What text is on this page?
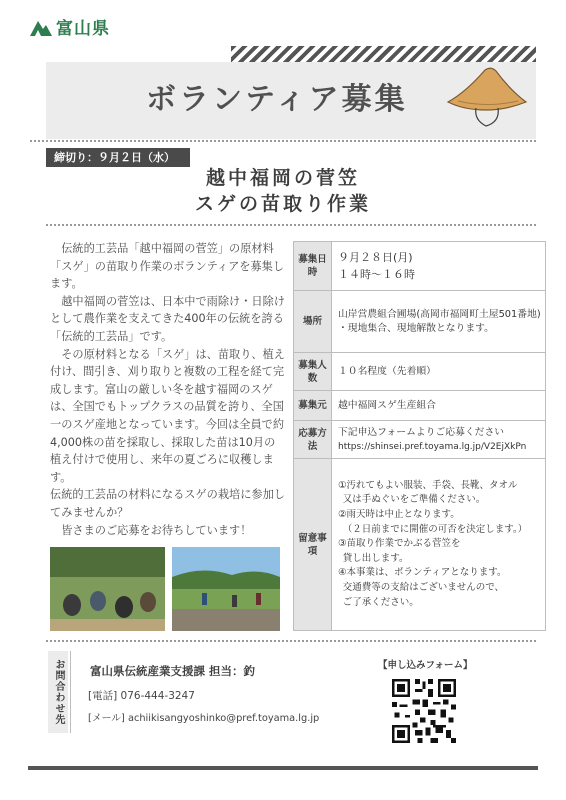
富山県
ボランティア募集
締切り：９月２日（水）
越中福岡の菅笠
スゲの苗取り作業

伝統的工芸品「越中福岡の菅笠」の原材料「スゲ」の苗取り作業のボランティアを募集します。

越中福岡の菅笠は、日本中で雨除け・日除けとして農作業を支えてきた400年の伝統を誇る「伝統的工芸品」です。

その原材料となる「スゲ」は、苗取り、植え付け、間引き、刈り取りと複数の工程を経て完成します。富山の厳しい冬を越す福岡のスゲは、全国でもトップクラスの品質を誇り、全国一のスゲ産地となっています。今回は全員で約4,000株の苗を採取し、採取した苗は10月の植え付けで使用し、来年の夏ごろに収穫します。

伝統的工芸品の材料になるスゲの栽培に参加してみませんか？

皆さまのご応募をお待ちしています！

募集日時
９月２８日(月)
１４時～１６時
場所
山岸営農組合圃場(高岡市福岡町土屋501番地)
・現地集合、現地解散となります。
募集人数
１０名程度（先着順）
募集元	越中福岡スゲ生産組合
応募方法
下記申込フォームよりご応募ください
https://shinsei.pref.toyama.lg.jp/V2EjXkPn
留意事項
①汚れてもよい服装、手袋、長靴、タオル
又は手ぬぐいをご準備ください。
②雨天時は中止となります。
（２日前までに開催の可否を決定します。）
③苗取り作業でかぶる菅笠を
貸し出します。
④本事業は、ボランティアとなります。
交通費等の支給はございませんので、
ご了承ください。
お問合わせ先	富山県伝統産業支援課 担当：釣
[電話] 076-444-3247
[メール] achiikisangyoshinko@pref.toyama.lg.jp
【申し込みフォーム】
